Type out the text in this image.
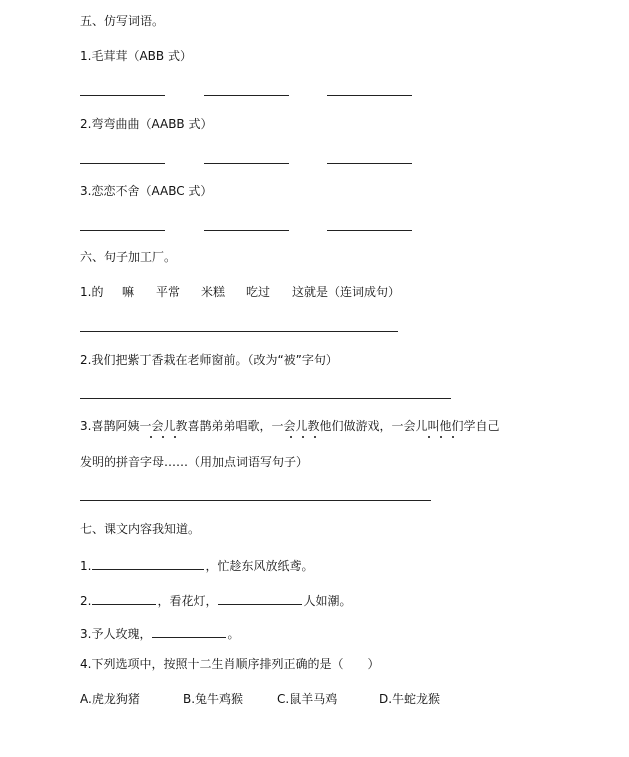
五、仿写词语。
1.毛茸茸（ABB 式）
2.弯弯曲曲（AABB 式）
3.恋恋不舍（AABC 式）
六、句子加工厂。
1.的 嘛 平常 米糕 吃过 这就是（连词成句）
2.我们把紫丁香栽在老师窗前。（改为“被”字句）
3.喜鹊阿姨一会儿教喜鹊弟弟唱歌，一会儿教他们做游戏，一会儿叫他们学自己
发明的拼音字母……（用加点词语写句子）
七、课文内容我知道。
1.	，忙趁东风放纸鸢。
2.	，看花灯，	人如潮。
3.予人玫瑰，	。
4.下列选项中，按照十二生肖顺序排列正确的是（　　）
A.虎龙狗猪	B.兔牛鸡猴	C.鼠羊马鸡	D.牛蛇龙猴
